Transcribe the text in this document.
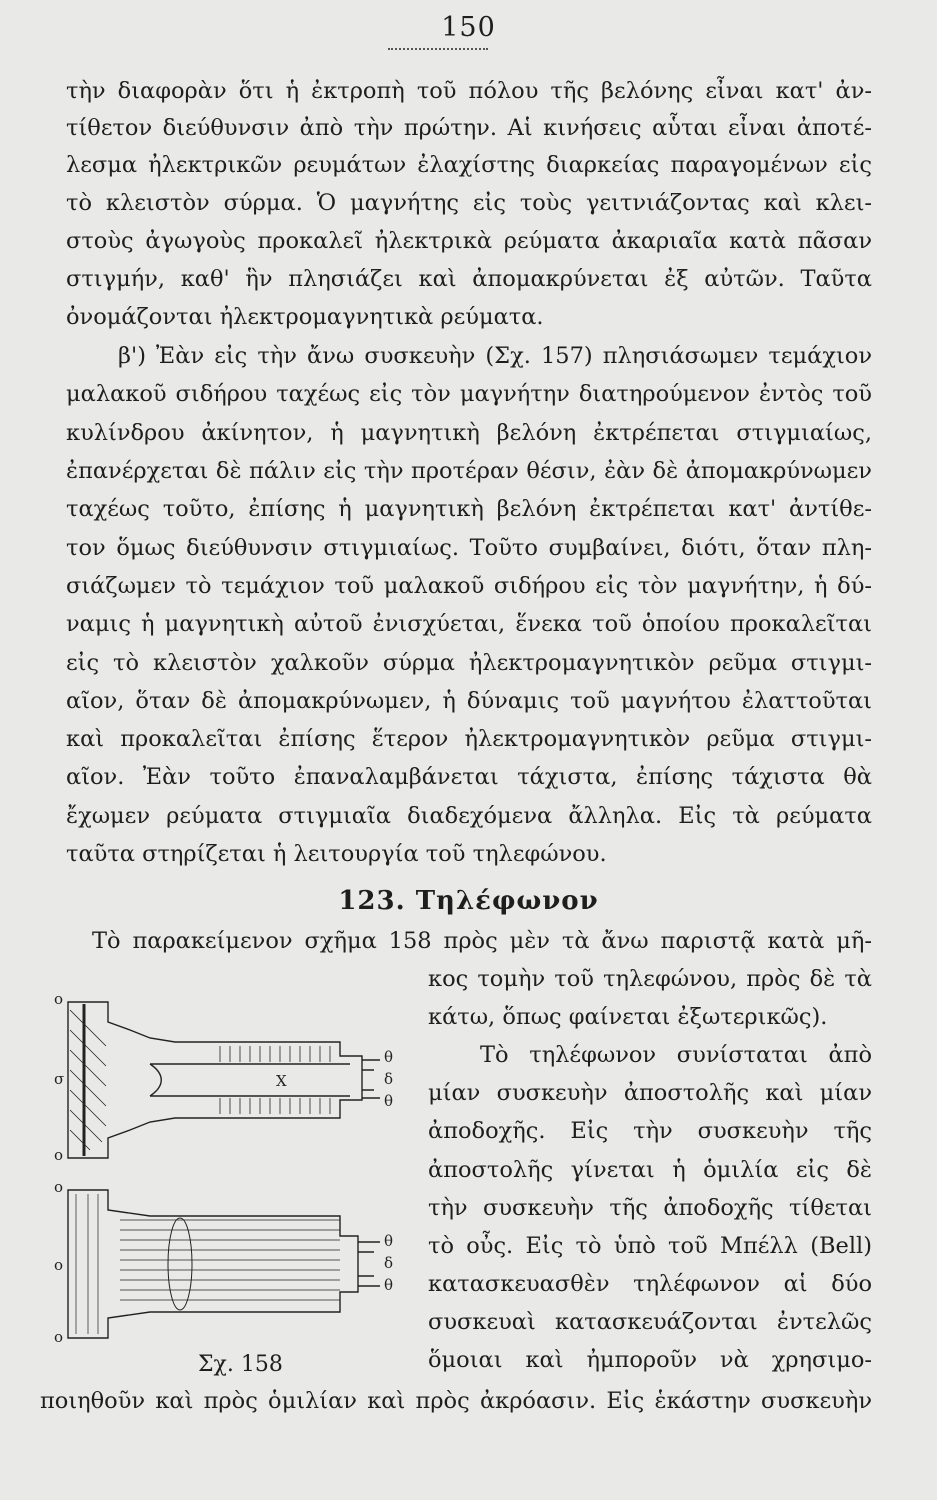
150
τὴν διαφορὰν ὅτι ἡ ἐκτροπὴ τοῦ πόλου τῆς βελόνης εἶναι κατ' ἀν-
τίθετον διεύθυνσιν ἀπὸ τὴν πρώτην. Αἱ κινήσεις αὗται εἶναι ἀποτέ-
λεσμα ἠλεκτρικῶν ρευμάτων ἐλαχίστης διαρκείας παραγομένων εἰς
τὸ κλειστὸν σύρμα. Ὁ μαγνήτης εἰς τοὺς γειτνιάζοντας καὶ κλει-
στοὺς ἀγωγοὺς προκαλεῖ ἠλεκτρικὰ ρεύματα ἀκαριαῖα κατὰ πᾶσαν
στιγμήν, καθ' ἣν πλησιάζει καὶ ἀπομακρύνεται ἐξ αὐτῶν. Ταῦτα
ὀνομάζονται ἠλεκτρομαγνητικὰ ρεύματα.
β') Ἐὰν εἰς τὴν ἄνω συσκευὴν (Σχ. 157) πλησιάσωμεν τεμάχιον
μαλακοῦ σιδήρου ταχέως εἰς τὸν μαγνήτην διατηρούμενον ἐντὸς τοῦ
κυλίνδρου ἀκίνητον, ἡ μαγνητικὴ βελόνη ἐκτρέπεται στιγμιαίως,
ἐπανέρχεται δὲ πάλιν εἰς τὴν προτέραν θέσιν, ἐὰν δὲ ἀπομακρύνωμεν
ταχέως τοῦτο, ἐπίσης ἡ μαγνητικὴ βελόνη ἐκτρέπεται κατ' ἀντίθε-
τον ὅμως διεύθυνσιν στιγμιαίως. Τοῦτο συμβαίνει, διότι, ὅταν πλη-
σιάζωμεν τὸ τεμάχιον τοῦ μαλακοῦ σιδήρου εἰς τὸν μαγνήτην, ἡ δύ-
ναμις ἡ μαγνητικὴ αὐτοῦ ἐνισχύεται, ἕνεκα τοῦ ὁποίου προκαλεῖται
εἰς τὸ κλειστὸν χαλκοῦν σύρμα ἠλεκτρομαγνητικὸν ρεῦμα στιγμι-
αῖον, ὅταν δὲ ἀπομακρύνωμεν, ἡ δύναμις τοῦ μαγνήτου ἐλαττοῦται
καὶ προκαλεῖται ἐπίσης ἕτερον ἠλεκτρομαγνητικὸν ρεῦμα στιγμι-
αῖον. Ἐὰν τοῦτο ἐπαναλαμβάνεται τάχιστα, ἐπίσης τάχιστα θὰ
ἔχωμεν ρεύματα στιγμιαῖα διαδεχόμενα ἄλληλα. Εἰς τὰ ρεύματα
ταῦτα στηρίζεται ἡ λειτουργία τοῦ τηλεφώνου.
123. Τηλέφωνον
Τὸ παρακείμενον σχῆμα 158 πρὸς μὲν τὰ ἄνω παριστᾷ κατὰ μῆ-
κος τομὴν τοῦ τηλεφώνου, πρὸς δὲ τὰ
κάτω, ὅπως φαίνεται ἐξωτερικῶς).
Τὸ τηλέφωνον συνίσταται ἀπὸ
μίαν συσκευὴν ἀποστολῆς καὶ μίαν
ἀποδοχῆς. Εἰς τὴν συσκευὴν τῆς
ἀποστολῆς γίνεται ἡ ὁμιλία εἰς δὲ
τὴν συσκευὴν τῆς ἀποδοχῆς τίθεται
τὸ οὖς. Εἰς τὸ ὑπὸ τοῦ Μπέλλ (Bell)
κατασκευασθὲν τηλέφωνον αἱ δύο
συσκευαὶ κατασκευάζονται ἐντελῶς
ὅμοιαι καὶ ἠμποροῦν νὰ χρησιμο-
ποιηθοῦν καὶ πρὸς ὁμιλίαν καὶ πρὸς ἀκρόασιν. Εἰς ἑκάστην συσκευὴν
o
σ
o
θ
δ
θ
X
o
o
o
θ
δ
θ
Σχ. 158
